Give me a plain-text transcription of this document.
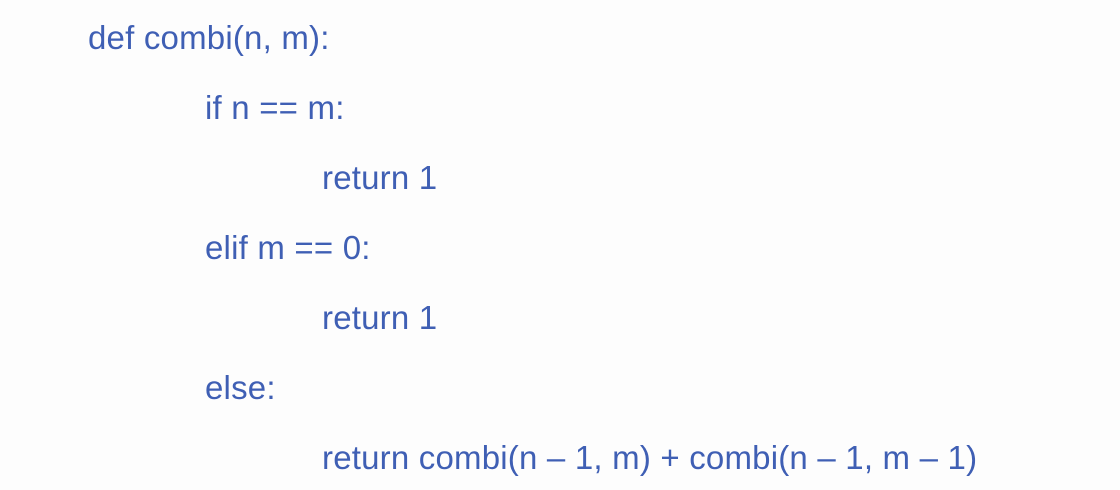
def combi(n, m):
if n == m:
return 1
elif m == 0:
return 1
else:
return combi(n – 1, m) + combi(n – 1, m – 1)
